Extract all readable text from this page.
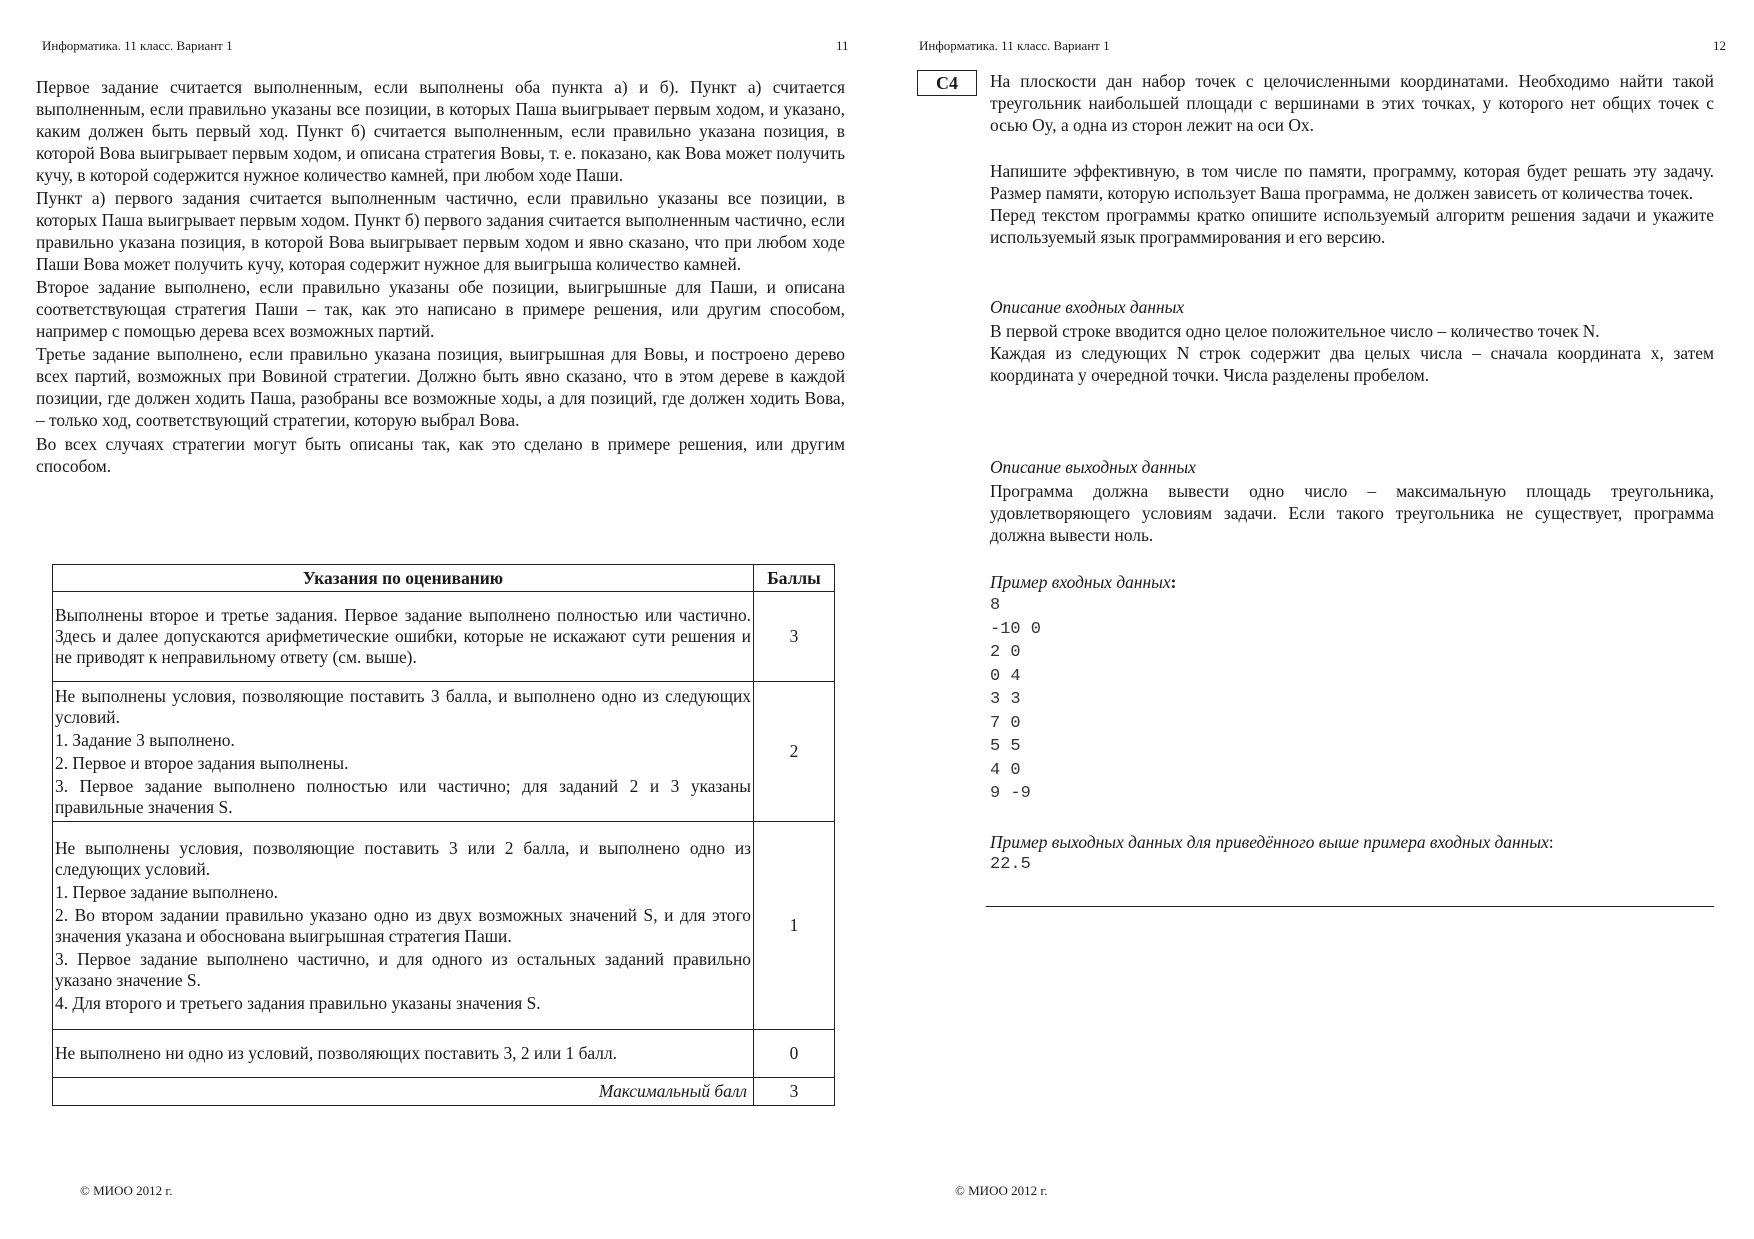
Информатика. 11 класс. Вариант 1	11

Первое задание считается выполненным, если выполнены оба пункта а) и б). Пункт а) считается выполненным, если правильно указаны все позиции, в которых Паша выигрывает первым ходом, и указано, каким должен быть первый ход. Пункт б) считается выполненным, если правильно указана позиция, в которой Вова выигрывает первым ходом, и описана стратегия Вовы, т. е. показано, как Вова может получить кучу, в которой содержится нужное количество камней, при любом ходе Паши.

Пункт а) первого задания считается выполненным частично, если правильно указаны все позиции, в которых Паша выигрывает первым ходом. Пункт б) первого задания считается выполненным частично, если правильно указана позиция, в которой Вова выигрывает первым ходом и явно сказано, что при любом ходе Паши Вова может получить кучу, которая содержит нужное для выигрыша количество камней.

Второе задание выполнено, если правильно указаны обе позиции, выигрышные для Паши, и описана соответствующая стратегия Паши – так, как это написано в примере решения, или другим способом, например с помощью дерева всех возможных партий.

Третье задание выполнено, если правильно указана позиция, выигрышная для Вовы, и построено дерево всех партий, возможных при Вовиной стратегии. Должно быть явно сказано, что в этом дереве в каждой позиции, где должен ходить Паша, разобраны все возможные ходы, а для позиций, где должен ходить Вова, – только ход, соответствующий стратегии, которую выбрал Вова.

Во всех случаях стратегии могут быть описаны так, как это сделано в примере решения, или другим способом.

Указания по оцениванию	Баллы
Выполнены второе и третье задания. Первое задание выполнено полностью или частично. Здесь и далее допускаются арифметические ошибки, которые не искажают сути решения и не приводят к неправильному ответу (см. выше).	3

Не выполнены условия, позволяющие поставить 3 балла, и выполнено одно из следующих условий.
1. Задание 3 выполнено.
2. Первое и второе задания выполнены.
3. Первое задание выполнено полностью или частично; для заданий 2 и 3 указаны правильные значения S.	2

Не выполнены условия, позволяющие поставить 3 или 2 балла, и выполнено одно из следующих условий.
1. Первое задание выполнено.
2. Во втором задании правильно указано одно из двух возможных значений S, и для этого значения указана и обоснована выигрышная стратегия Паши.
3. Первое задание выполнено частично, и для одного из остальных заданий правильно указано значение S.
4. Для второго и третьего задания правильно указаны значения S.	1
Не выполнено ни одно из условий, позволяющих поставить 3, 2 или 1 балл.	0
Максимальный балл	3
© МИОО 2012 г.
Информатика. 11 класс. Вариант 1	12
C4	На плоскости дан набор точек с целочисленными координатами. Необходимо найти такой треугольник наибольшей площади с вершинами в этих точках, у которого нет общих точек с осью Oy, а одна из сторон лежит на оси Ox.

Напишите эффективную, в том числе по памяти, программу, которая будет решать эту задачу. Размер памяти, которую использует Ваша программа, не должен зависеть от количества точек.

Перед текстом программы кратко опишите используемый алгоритм решения задачи и укажите используемый язык программирования и его версию.

Описание входных данных

В первой строке вводится одно целое положительное число – количество точек N.

Каждая из следующих N строк содержит два целых числа – сначала координата x, затем координата y очередной точки. Числа разделены пробелом.

Описание выходных данных

Программа должна вывести одно число – максимальную площадь треугольника, удовлетворяющего условиям задачи. Если такого треугольника не существует, программа должна вывести ноль.

Пример входных данных:

8
-10 0
2 0
0 4
3 3
7 0
5 5
4 0
9 -9

Пример выходных данных для приведённого выше примера входных данных:

22.5
© МИОО 2012 г.
